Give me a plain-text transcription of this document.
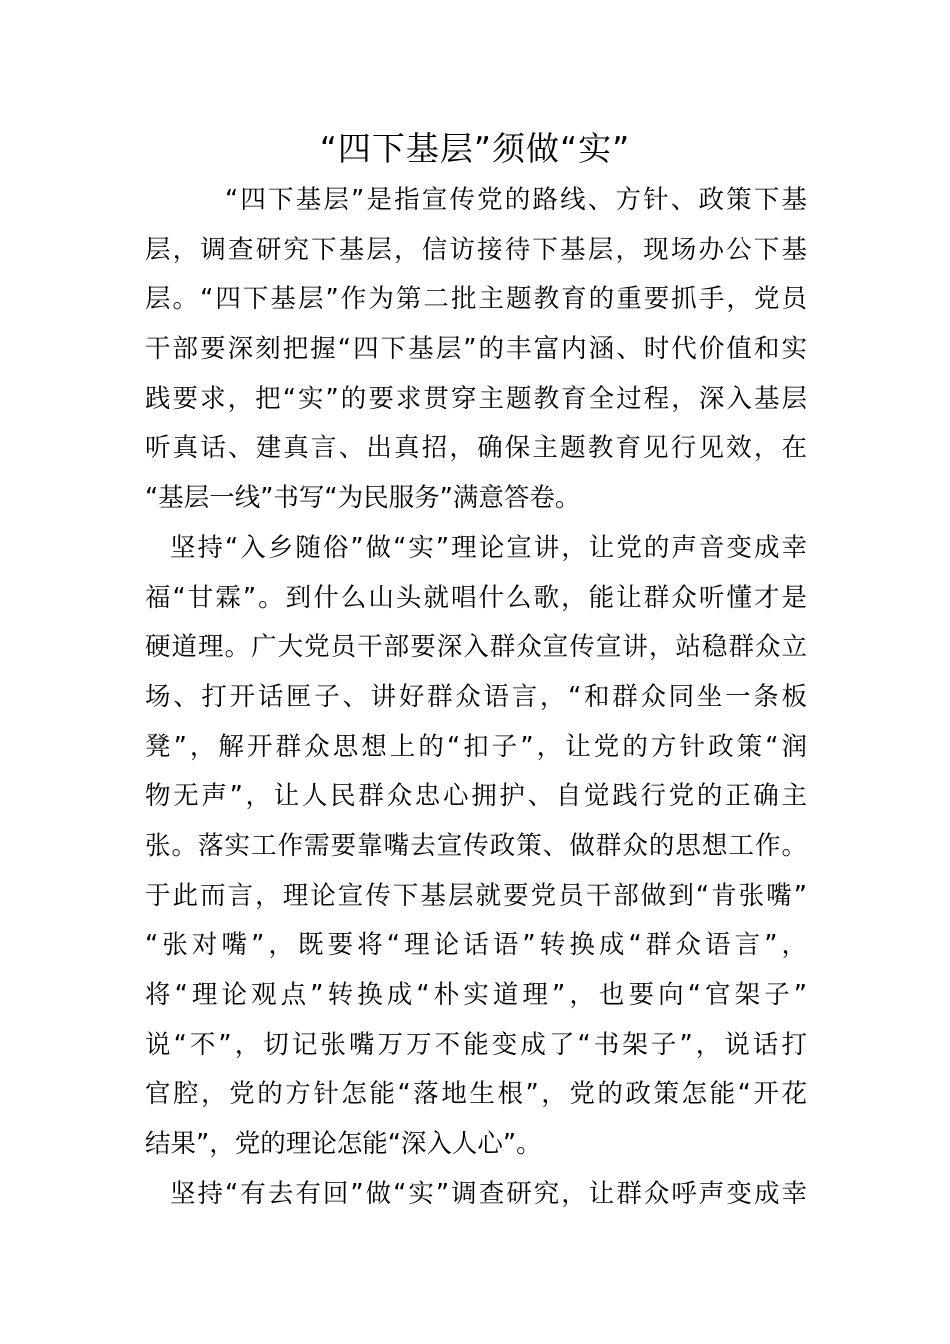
“四下基层”须做“实”
“四下基层”是指宣传党的路线、方针、政策下基
层，调查研究下基层，信访接待下基层，现场办公下基
层。“四下基层”作为第二批主题教育的重要抓手，党员
干部要深刻把握“四下基层”的丰富内涵、时代价值和实
践要求，把“实”的要求贯穿主题教育全过程，深入基层
听真话、建真言、出真招，确保主题教育见行见效，在
“基层一线”书写“为民服务”满意答卷。
坚持“入乡随俗”做“实”理论宣讲，让党的声音变成幸
福“甘霖”。到什么山头就唱什么歌，能让群众听懂才是
硬道理。广大党员干部要深入群众宣传宣讲，站稳群众立
场、打开话匣子、讲好群众语言，“和群众同坐一条板
凳”，解开群众思想上的“扣子”，让党的方针政策“润
物无声”，让人民群众忠心拥护、自觉践行党的正确主
张。落实工作需要靠嘴去宣传政策、做群众的思想工作。
于此而言，理论宣传下基层就要党员干部做到“肯张嘴”
“张对嘴”，既要将“理论话语”转换成“群众语言”，
将“理论观点”转换成“朴实道理”，也要向“官架子”
说“不”，切记张嘴万万不能变成了“书架子”，说话打
官腔，党的方针怎能“落地生根”，党的政策怎能“开花
结果”，党的理论怎能“深入人心”。
坚持“有去有回”做“实”调查研究，让群众呼声变成幸
